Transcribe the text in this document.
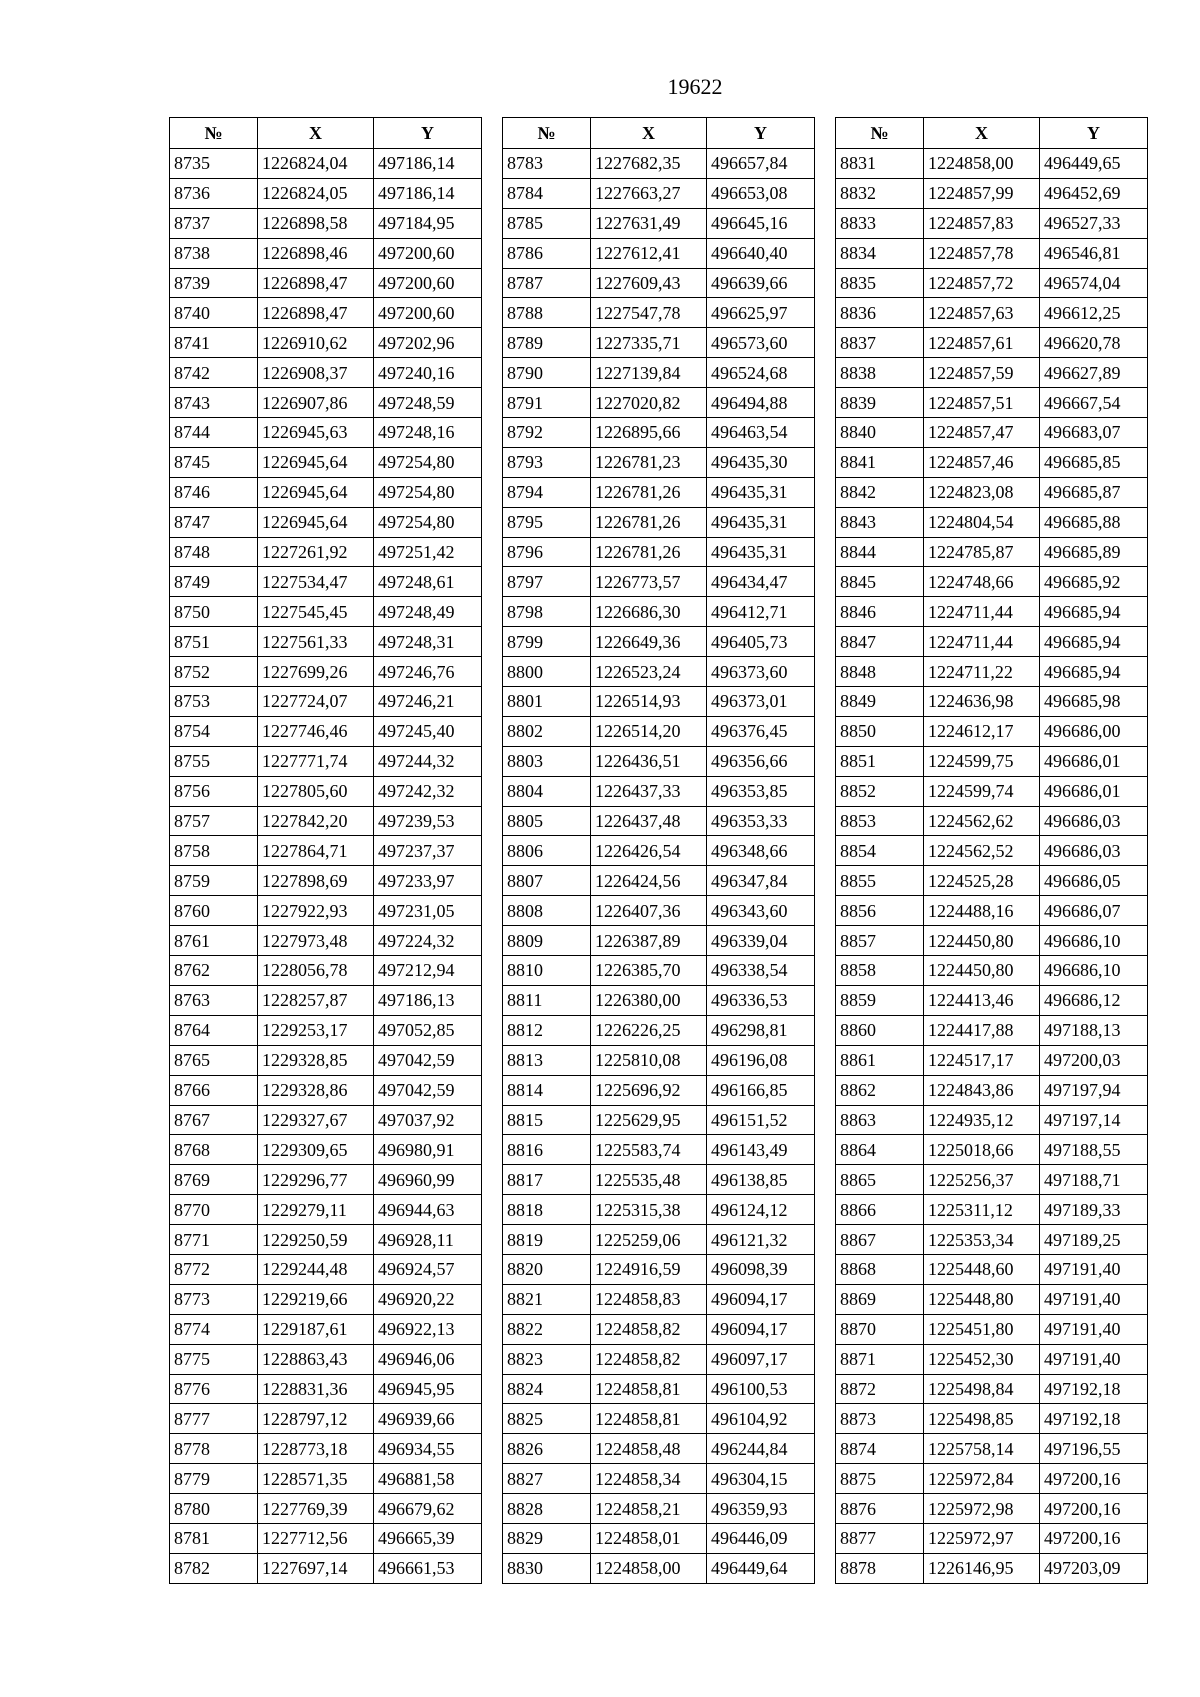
19622
№	X	Y
8735	1226824,04	497186,14
8736	1226824,05	497186,14
8737	1226898,58	497184,95
8738	1226898,46	497200,60
8739	1226898,47	497200,60
8740	1226898,47	497200,60
8741	1226910,62	497202,96
8742	1226908,37	497240,16
8743	1226907,86	497248,59
8744	1226945,63	497248,16
8745	1226945,64	497254,80
8746	1226945,64	497254,80
8747	1226945,64	497254,80
8748	1227261,92	497251,42
8749	1227534,47	497248,61
8750	1227545,45	497248,49
8751	1227561,33	497248,31
8752	1227699,26	497246,76
8753	1227724,07	497246,21
8754	1227746,46	497245,40
8755	1227771,74	497244,32
8756	1227805,60	497242,32
8757	1227842,20	497239,53
8758	1227864,71	497237,37
8759	1227898,69	497233,97
8760	1227922,93	497231,05
8761	1227973,48	497224,32
8762	1228056,78	497212,94
8763	1228257,87	497186,13
8764	1229253,17	497052,85
8765	1229328,85	497042,59
8766	1229328,86	497042,59
8767	1229327,67	497037,92
8768	1229309,65	496980,91
8769	1229296,77	496960,99
8770	1229279,11	496944,63
8771	1229250,59	496928,11
8772	1229244,48	496924,57
8773	1229219,66	496920,22
8774	1229187,61	496922,13
8775	1228863,43	496946,06
8776	1228831,36	496945,95
8777	1228797,12	496939,66
8778	1228773,18	496934,55
8779	1228571,35	496881,58
8780	1227769,39	496679,62
8781	1227712,56	496665,39
8782	1227697,14	496661,53
№	X	Y
8783	1227682,35	496657,84
8784	1227663,27	496653,08
8785	1227631,49	496645,16
8786	1227612,41	496640,40
8787	1227609,43	496639,66
8788	1227547,78	496625,97
8789	1227335,71	496573,60
8790	1227139,84	496524,68
8791	1227020,82	496494,88
8792	1226895,66	496463,54
8793	1226781,23	496435,30
8794	1226781,26	496435,31
8795	1226781,26	496435,31
8796	1226781,26	496435,31
8797	1226773,57	496434,47
8798	1226686,30	496412,71
8799	1226649,36	496405,73
8800	1226523,24	496373,60
8801	1226514,93	496373,01
8802	1226514,20	496376,45
8803	1226436,51	496356,66
8804	1226437,33	496353,85
8805	1226437,48	496353,33
8806	1226426,54	496348,66
8807	1226424,56	496347,84
8808	1226407,36	496343,60
8809	1226387,89	496339,04
8810	1226385,70	496338,54
8811	1226380,00	496336,53
8812	1226226,25	496298,81
8813	1225810,08	496196,08
8814	1225696,92	496166,85
8815	1225629,95	496151,52
8816	1225583,74	496143,49
8817	1225535,48	496138,85
8818	1225315,38	496124,12
8819	1225259,06	496121,32
8820	1224916,59	496098,39
8821	1224858,83	496094,17
8822	1224858,82	496094,17
8823	1224858,82	496097,17
8824	1224858,81	496100,53
8825	1224858,81	496104,92
8826	1224858,48	496244,84
8827	1224858,34	496304,15
8828	1224858,21	496359,93
8829	1224858,01	496446,09
8830	1224858,00	496449,64
№	X	Y
8831	1224858,00	496449,65
8832	1224857,99	496452,69
8833	1224857,83	496527,33
8834	1224857,78	496546,81
8835	1224857,72	496574,04
8836	1224857,63	496612,25
8837	1224857,61	496620,78
8838	1224857,59	496627,89
8839	1224857,51	496667,54
8840	1224857,47	496683,07
8841	1224857,46	496685,85
8842	1224823,08	496685,87
8843	1224804,54	496685,88
8844	1224785,87	496685,89
8845	1224748,66	496685,92
8846	1224711,44	496685,94
8847	1224711,44	496685,94
8848	1224711,22	496685,94
8849	1224636,98	496685,98
8850	1224612,17	496686,00
8851	1224599,75	496686,01
8852	1224599,74	496686,01
8853	1224562,62	496686,03
8854	1224562,52	496686,03
8855	1224525,28	496686,05
8856	1224488,16	496686,07
8857	1224450,80	496686,10
8858	1224450,80	496686,10
8859	1224413,46	496686,12
8860	1224417,88	497188,13
8861	1224517,17	497200,03
8862	1224843,86	497197,94
8863	1224935,12	497197,14
8864	1225018,66	497188,55
8865	1225256,37	497188,71
8866	1225311,12	497189,33
8867	1225353,34	497189,25
8868	1225448,60	497191,40
8869	1225448,80	497191,40
8870	1225451,80	497191,40
8871	1225452,30	497191,40
8872	1225498,84	497192,18
8873	1225498,85	497192,18
8874	1225758,14	497196,55
8875	1225972,84	497200,16
8876	1225972,98	497200,16
8877	1225972,97	497200,16
8878	1226146,95	497203,09
